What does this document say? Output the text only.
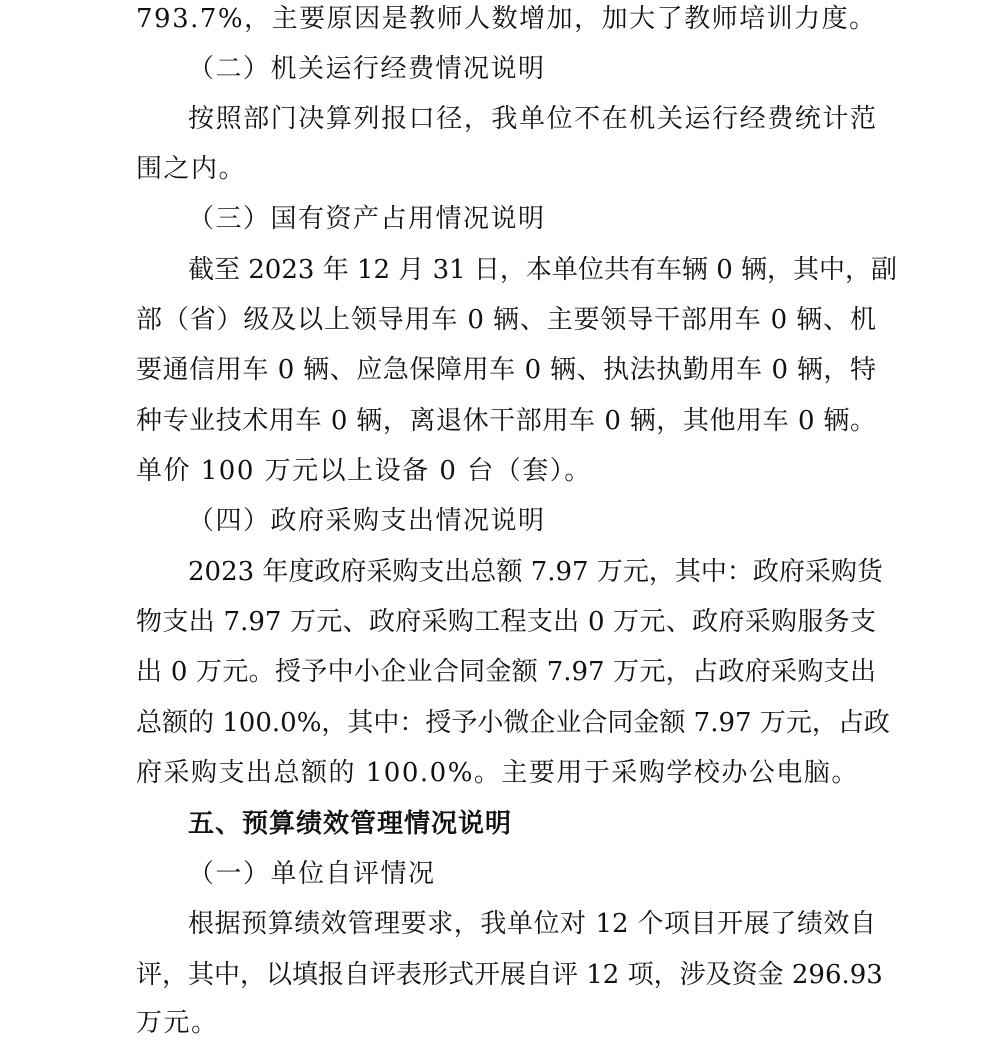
793.7%，主要原因是教师人数增加，加大了教师培训力度。
（二）机关运行经费情况说明
按照部门决算列报口径，我单位不在机关运行经费统计范
围之内。
（三）国有资产占用情况说明
截至 2023 年 12 月 31 日，本单位共有车辆 0 辆，其中，副
部（省）级及以上领导用车 0 辆、主要领导干部用车 0 辆、机
要通信用车 0 辆、应急保障用车 0 辆、执法执勤用车 0 辆，特
种专业技术用车 0 辆，离退休干部用车 0 辆，其他用车 0 辆。
单价 100 万元以上设备 0 台（套）。
（四）政府采购支出情况说明
2023 年度政府采购支出总额 7.97 万元，其中：政府采购货
物支出 7.97 万元、政府采购工程支出 0 万元、政府采购服务支
出 0 万元。授予中小企业合同金额 7.97 万元，占政府采购支出
总额的 100.0%，其中：授予小微企业合同金额 7.97 万元，占政
府采购支出总额的 100.0%。主要用于采购学校办公电脑。
五、预算绩效管理情况说明
（一）单位自评情况
根据预算绩效管理要求，我单位对 12 个项目开展了绩效自
评，其中，以填报自评表形式开展自评 12 项，涉及资金 296.93
万元。
